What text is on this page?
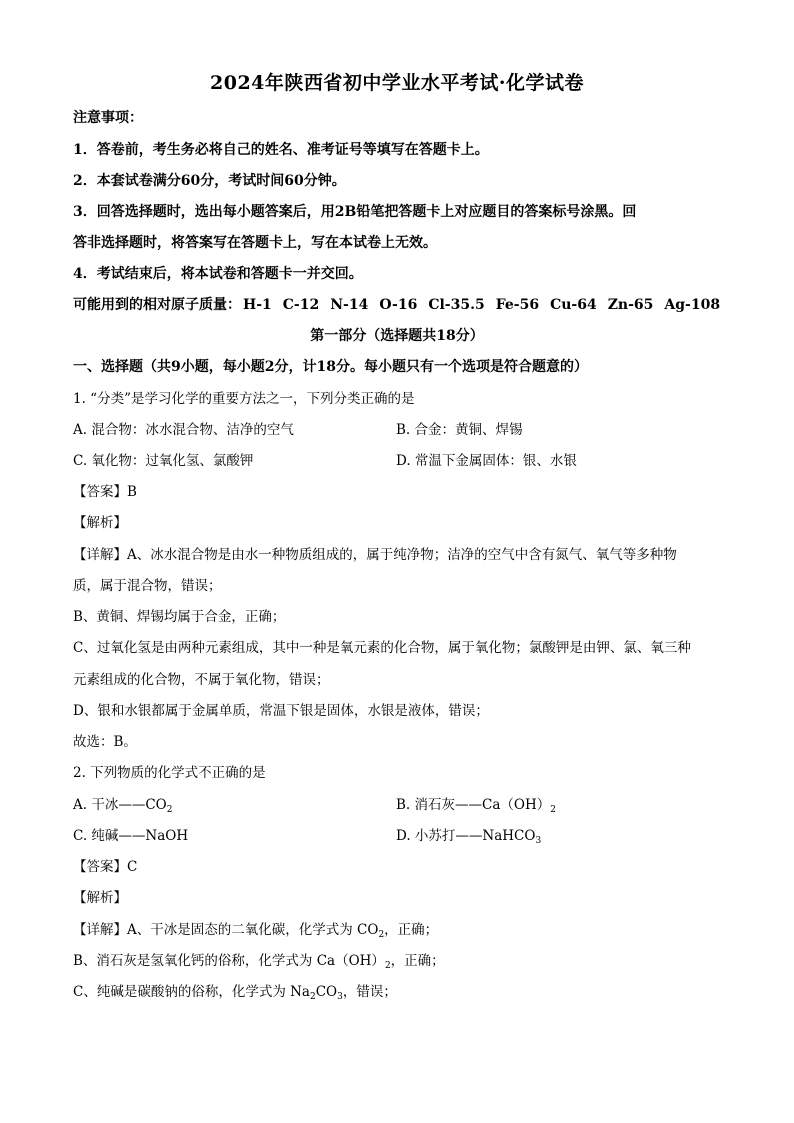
2024年陕西省初中学业水平考试·化学试卷
注意事项：
1．答卷前，考生务必将自己的姓名、准考证号等填写在答题卡上。
2．本套试卷满分60分，考试时间60分钟。
3．回答选择题时，选出每小题答案后，用2B铅笔把答题卡上对应题目的答案标号涂黑。回
答非选择题时，将答案写在答题卡上，写在本试卷上无效。
4．考试结束后，将本试卷和答题卡一并交回。
可能用到的相对原子质量： H-1 C-12 N-14 O-16 Cl-35.5 Fe-56 Cu-64 Zn-65 Ag-108
第一部分（选择题共18分）
一、选择题（共9小题，每小题2分，计18分。每小题只有一个选项是符合题意的）
1. “分类”是学习化学的重要方法之一，下列分类正确的是
A. 混合物：冰水混合物、洁净的空气	B. 合金：黄铜、焊锡
C. 氧化物：过氧化氢、氯酸钾	D. 常温下金属固体：银、水银
【答案】B
【解析】
【详解】A、冰水混合物是由水一种物质组成的，属于纯净物；洁净的空气中含有氮气、氧气等多种物
质，属于混合物，错误；
B、黄铜、焊锡均属于合金，正确；
C、过氧化氢是由两种元素组成，其中一种是氧元素的化合物，属于氧化物；氯酸钾是由钾、氯、氧三种
元素组成的化合物，不属于氧化物，错误；
D、银和水银都属于金属单质，常温下银是固体，水银是液体，错误；
故选：B。
2. 下列物质的化学式不正确的是
A. 干冰$——CO_2$	B. 消石灰$——Ca(OH)_2$
C. 纯碱——NaOH	D. 小苏打——NaHCO$_3$
【答案】C
【解析】
【详解】A、干冰是固态的二氧化碳，化学式为 $CO_2$，正确；
B、消石灰是氢氧化钙的俗称，化学式为 $Ca(OH)_2$，正确；
C、纯碱是碳酸钠的俗称，化学式为 $Na_2CO_3$，错误；
